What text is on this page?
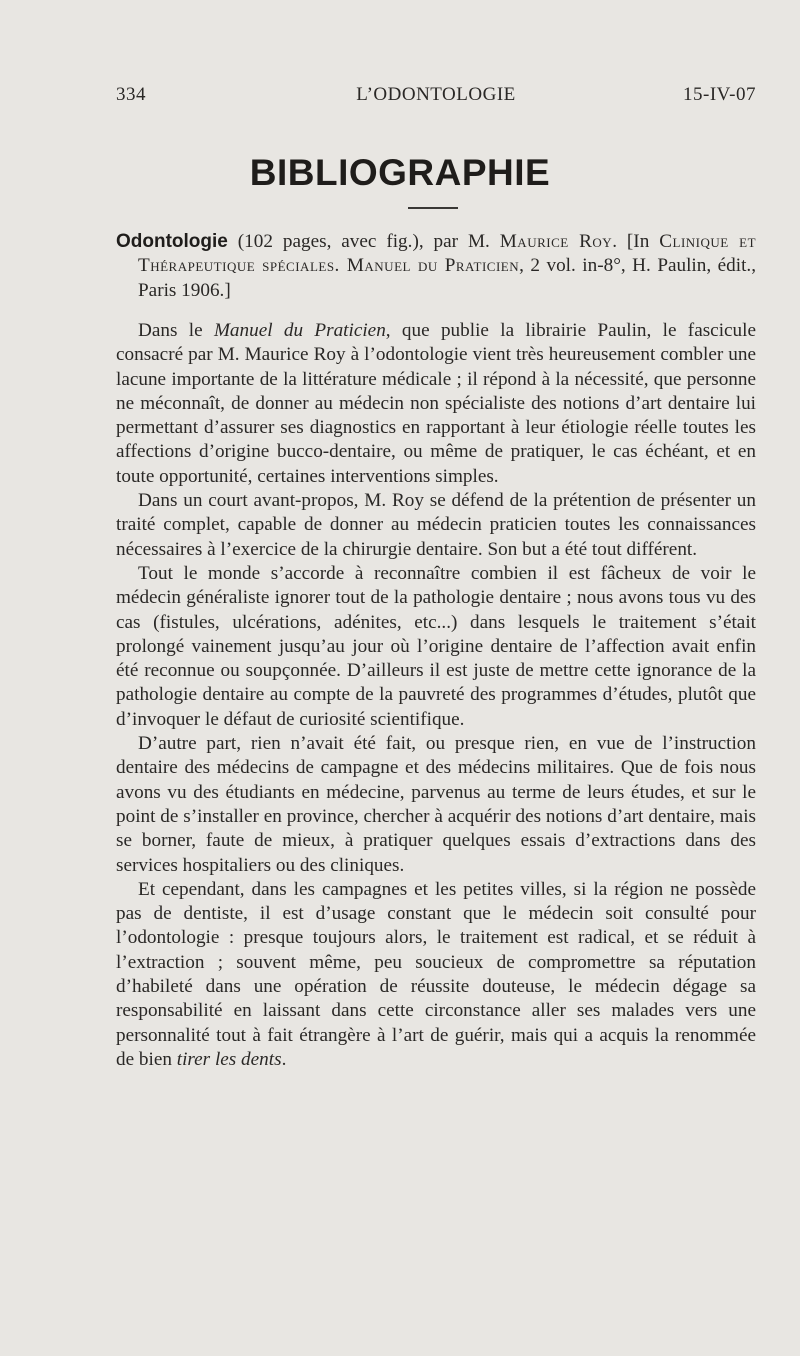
334	L’ODONTOLOGIE	15-IV-07
BIBLIOGRAPHIE

Odontologie (102 pages, avec fig.), par M. Maurice Roy. [In Clinique et Thérapeutique spéciales. Manuel du Praticien, 2 vol. in-8°, H. Paulin, édit., Paris 1906.]

Dans le Manuel du Praticien, que publie la librairie Paulin, le fascicule consacré par M. Maurice Roy à l’odontologie vient très heureusement combler une lacune importante de la littérature médicale ; il répond à la nécessité, que personne ne méconnaît, de donner au médecin non spécialiste des notions d’art dentaire lui permettant d’assurer ses diagnostics en rapportant à leur étiologie réelle toutes les affections d’origine bucco-dentaire, ou même de pratiquer, le cas échéant, et en toute opportunité, certaines interventions simples.

Dans un court avant-propos, M. Roy se défend de la prétention de présenter un traité complet, capable de donner au médecin praticien toutes les connaissances nécessaires à l’exercice de la chirurgie dentaire. Son but a été tout différent.

Tout le monde s’accorde à reconnaître combien il est fâcheux de voir le médecin généraliste ignorer tout de la pathologie dentaire ; nous avons tous vu des cas (fistules, ulcérations, adénites, etc...) dans lesquels le traitement s’était prolongé vainement jusqu’au jour où l’origine dentaire de l’affection avait enfin été reconnue ou soupçonnée. D’ailleurs il est juste de mettre cette ignorance de la pathologie dentaire au compte de la pauvreté des programmes d’études, plutôt que d’invoquer le défaut de curiosité scientifique.

D’autre part, rien n’avait été fait, ou presque rien, en vue de l’instruction dentaire des médecins de campagne et des médecins militaires. Que de fois nous avons vu des étudiants en médecine, parvenus au terme de leurs études, et sur le point de s’installer en province, chercher à acquérir des notions d’art dentaire, mais se borner, faute de mieux, à pratiquer quelques essais d’extractions dans des services hospitaliers ou des cliniques.

Et cependant, dans les campagnes et les petites villes, si la région ne possède pas de dentiste, il est d’usage constant que le médecin soit consulté pour l’odontologie : presque toujours alors, le traitement est radical, et se réduit à l’extraction ; souvent même, peu soucieux de compromettre sa réputation d’habileté dans une opération de réussite douteuse, le médecin dégage sa responsabilité en laissant dans cette circonstance aller ses malades vers une personnalité tout à fait étrangère à l’art de guérir, mais qui a acquis la renommée de bien tirer les dents.
